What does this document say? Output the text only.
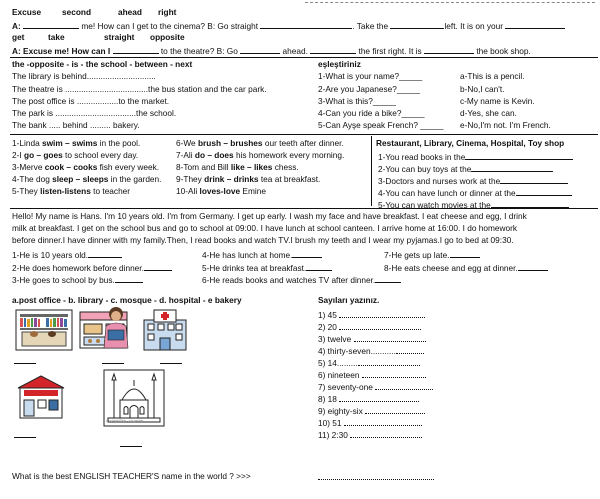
Excuse	second	ahead right
A:	me! How can I get to the cinema? B: Go straight	. Take the	left. It is on your
get	take	straight opposite
A: Excuse me! How can I	to the theatre? B: Go	ahead.	the first right. It is	the book shop.
the -opposite - is - the school - between - next
The library is behind..............................
The theatre is ....................................the bus station and the car park.
The post office is ..................to the market.
The park is ...................................the school.
The bank ..... behind ......... bakery.
eşleştiriniz
1-What is your name?_____
2-Are you Japanese?_____
3-What is this?_____
4-Can you ride a bike?_____
5-Can Ayşe speak French? _____
a-This is a pencil.
b-No,I can't.
c-My name is Kevin.
d-Yes, she can.
e-No,I'm not. I'm French.
1-Linda swim – swims in the pool.
2-I go – goes to school every day.
3-Merve cook – cooks fish every week.
4-The dog sleep – sleeps in the garden.
5-They listen-listens to teacher
6-We brush – brushes our teeth after dinner.
7-Ali do – does his homework every morning.
8-Tom and Bill like – likes chess.
9-They drink – drinks tea at breakfast.
10-Ali loves-love Emine
Restaurant, Library, Cinema, Hospital, Toy shop
1-You read books in the
2-You can buy toys at the
3-Doctors and nurses work at the
4-You can have lunch or dinner at the
5-You can watch movies at the
Hello! My name is Hans. I'm 10 years old. I'm from Germany. I get up early. I wash my face and have breakfast. I eat cheese and egg, I drink
milk at breakfast. I get on the school bus and go to school at 09:00. I have lunch at school canteen. I arrive home at 16:00. I do homework
before dinner.I have dinner with my family.Then, I read books and watch TV.I brush my teeth and I wear my pyjamas.I go to bed at 09:30.
1-He is 10 years old.	4-He has lunch at home.	7-He gets up late.
2-He does homework before dinner.	5-He drinks tea at breakfast.	8-He eats cheese and egg at dinner.
3-He goes to school by bus.	6-He reads books and watches TV after dinner.
a.post office - b. library - c. mosque - d. hospital - e bakery
Cocktail Pick - ca.cm/ab
Sayıları yazınız.
1) 45
2) 20
3) twelve
4) thirty-seven...........
5) 14.........
6) nineteen
7) seventy-one
8) 18
9) eighty-six
10) 51
11) 2:30
What is the best ENGLISH TEACHER'S name in the world ? >>>
